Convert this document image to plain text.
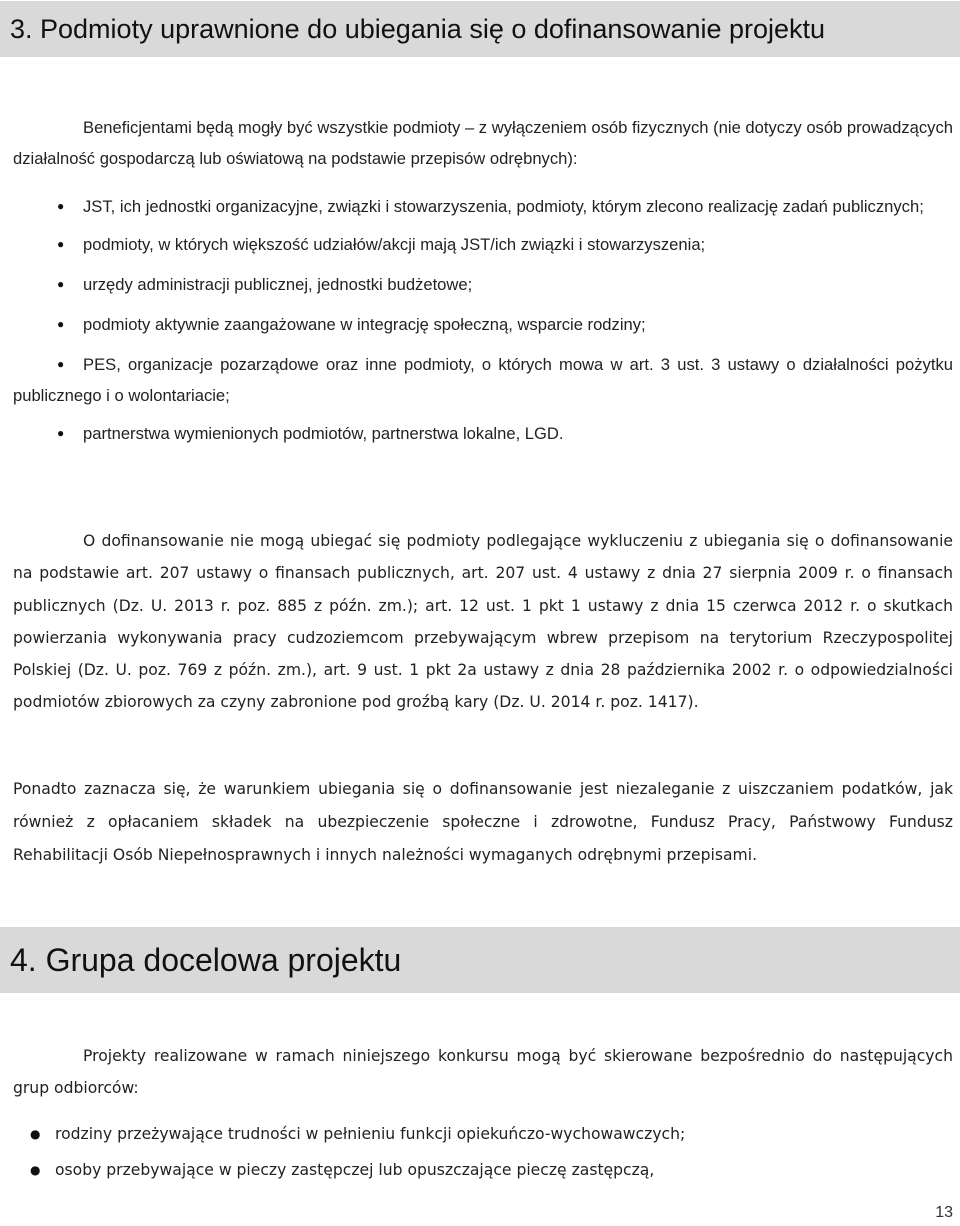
3. Podmioty uprawnione do ubiegania się o dofinansowanie projektu

Beneficjentami będą mogły być wszystkie podmioty – z wyłączeniem osób fizycznych (nie dotyczy osób prowadzących działalność gospodarczą lub oświatową na podstawie przepisów odrębnych):

● JST, ich jednostki organizacyjne, związki i stowarzyszenia, podmioty, którym zlecono realizację zadań publicznych;
● podmioty, w których większość udziałów/akcji mają JST/ich związki i stowarzyszenia;
● urzędy administracji publicznej, jednostki budżetowe;
● podmioty aktywnie zaangażowane w integrację społeczną, wsparcie rodziny;
● PES, organizacje pozarządowe oraz inne podmioty, o których mowa w art. 3 ust. 3 ustawy o działalności pożytku publicznego i o wolontariacie;
● partnerstwa wymienionych podmiotów, partnerstwa lokalne, LGD.

O dofinansowanie nie mogą ubiegać się podmioty podlegające wykluczeniu z ubiegania się o dofinansowanie na podstawie art. 207 ustawy o finansach publicznych, art. 207 ust. 4 ustawy z dnia 27 sierpnia 2009 r. o finansach publicznych (Dz. U. 2013 r. poz. 885 z późn. zm.); art. 12 ust. 1 pkt 1 ustawy z dnia 15 czerwca 2012 r. o skutkach powierzania wykonywania pracy cudzoziemcom przebywającym wbrew przepisom na terytorium Rzeczypospolitej Polskiej (Dz. U. poz. 769 z późn. zm.), art. 9 ust. 1 pkt 2a ustawy z dnia 28 października 2002 r. o odpowiedzialności podmiotów zbiorowych za czyny zabronione pod groźbą kary (Dz. U. 2014 r. poz. 1417).

Ponadto zaznacza się, że warunkiem ubiegania się o dofinansowanie jest niezaleganie z uiszczaniem podatków, jak również z opłacaniem składek na ubezpieczenie społeczne i zdrowotne, Fundusz Pracy, Państwowy Fundusz Rehabilitacji Osób Niepełnosprawnych i innych należności wymaganych odrębnymi przepisami.

4. Grupa docelowa projektu

Projekty realizowane w ramach niniejszego konkursu mogą być skierowane bezpośrednio do następujących grup odbiorców:

● rodziny przeżywające trudności w pełnieniu funkcji opiekuńczo-wychowawczych;
● osoby przebywające w pieczy zastępczej lub opuszczające pieczę zastępczą,
13
